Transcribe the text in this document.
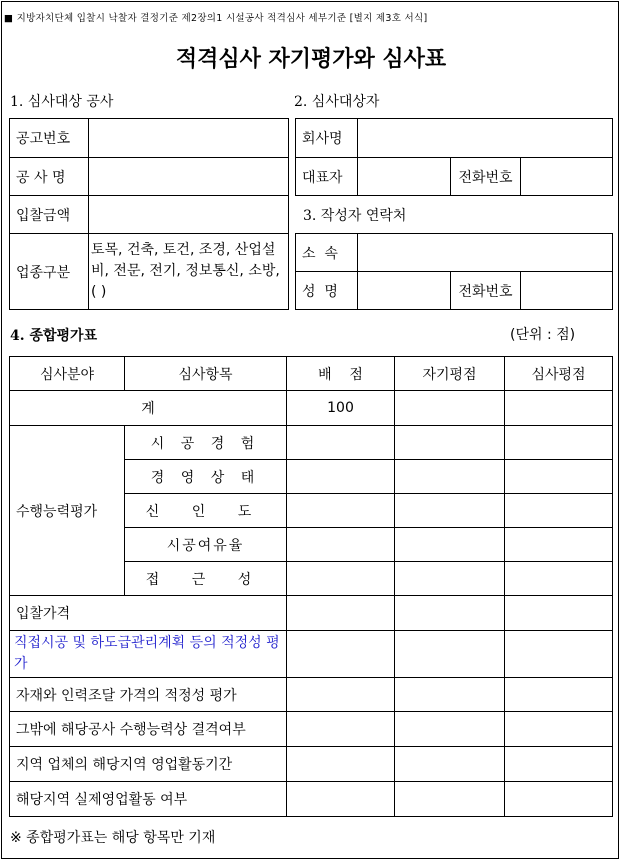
■ 지방자치단체 입찰시 낙찰자 결정기준 제2장의1 시설공사 적격심사 세부기준 [별지 제3호 서식]
적격심사 자기평가와 심사표
1. 심사대상 공사
공고번호	
공 사 명	
입찰금액	
업종구분	토목, 건축, 토건, 조경, 산업설비, 전문, 전기, 정보통신, 소방, ( )
2. 심사대상자
회사명			
대표자		전화번호	
3. 작성자 연락처
소  속			
성  명		전화번호	
4. 종합평가표	(단위 : 점)
심사분야	심사항목	배    점	자기평점	심사평점
계		100		
수행능력평가	시 공 경 험			
	경 영 상 태			
	신 인 도			
	시공여유율			
	접 근 성			
입찰가격				
직접시공 및 하도급관리계획 등의 적정성 평가				
자재와 인력조달 가격의 적정성 평가				
그밖에 해당공사 수행능력상 결격여부				
지역 업체의 해당지역 영업활동기간				
해당지역 실제영업활동 여부				
※ 종합평가표는 해당 항목만 기재
